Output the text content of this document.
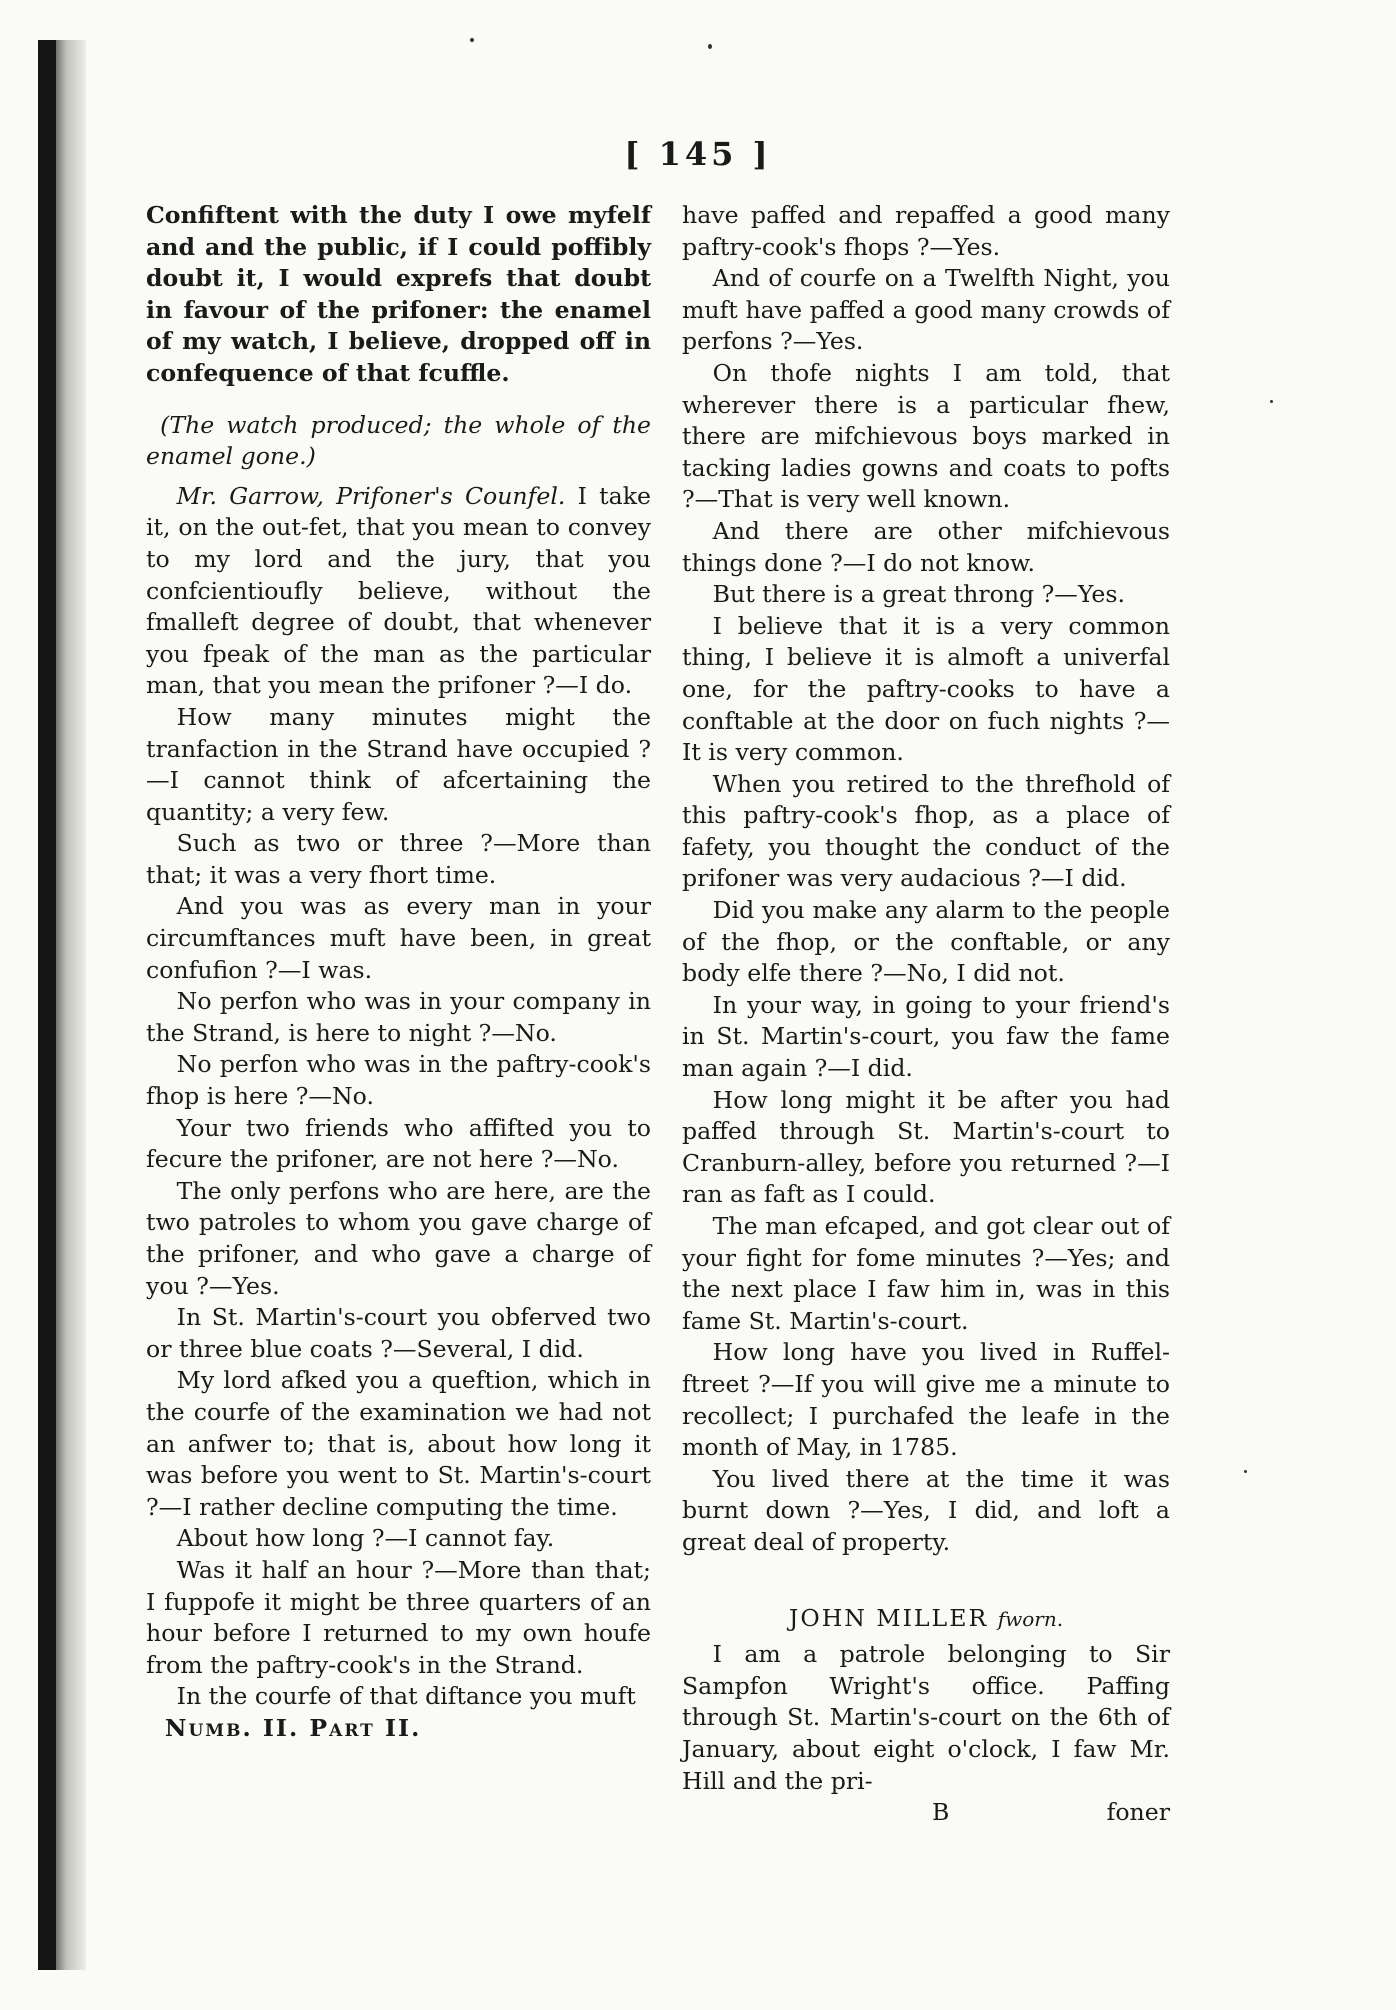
[ 145 ]

Confiftent with the duty I owe myfelf and and the public, if I could poffibly doubt it, I would exprefs that doubt in favour of the prifoner: the enamel of my watch, I believe, dropped off in confequence of that fcuffle.

(The watch produced; the whole of the enamel gone.)

Mr. Garrow, Prifoner's Counfel. I take it, on the out-fet, that you mean to convey to my lord and the jury, that you confcientioufly believe, without the fmalleft degree of doubt, that whenever you fpeak of the man as the particular man, that you mean the prifoner ?—I do.

How many minutes might the tranfaction in the Strand have occupied ?—I cannot think of afcertaining the quantity; a very few.

Such as two or three ?—More than that; it was a very fhort time.

And you was as every man in your circumftances muft have been, in great confufion ?—I was.

No perfon who was in your company in the Strand, is here to night ?—No.

No perfon who was in the paftry-cook's fhop is here ?—No.

Your two friends who affifted you to fecure the prifoner, are not here ?—No.

The only perfons who are here, are the two patroles to whom you gave charge of the prifoner, and who gave a charge of you ?—Yes.

In St. Martin's-court you obferved two or three blue coats ?—Several, I did.

My lord afked you a queftion, which in the courfe of the examination we had not an anfwer to; that is, about how long it was before you went to St. Martin's-court ?—I rather decline computing the time.

About how long ?—I cannot fay.

Was it half an hour ?—More than that; I fuppofe it might be three quarters of an hour before I returned to my own houfe from the paftry-cook's in the Strand.

In the courfe of that diftance you muft

Numb. II. Part II.

have paffed and repaffed a good many paftry-cook's fhops ?—Yes.

And of courfe on a Twelfth Night, you muft have paffed a good many crowds of perfons ?—Yes.

On thofe nights I am told, that wherever there is a particular fhew, there are mifchievous boys marked in tacking ladies gowns and coats to pofts ?—That is very well known.

And there are other mifchievous things done ?—I do not know.

But there is a great throng ?—Yes.

I believe that it is a very common thing, I believe it is almoft a univerfal one, for the paftry-cooks to have a conftable at the door on fuch nights ?—It is very common.

When you retired to the threfhold of this paftry-cook's fhop, as a place of fafety, you thought the conduct of the prifoner was very audacious ?—I did.

Did you make any alarm to the people of the fhop, or the conftable, or any body elfe there ?—No, I did not.

In your way, in going to your friend's in St. Martin's-court, you faw the fame man again ?—I did.

How long might it be after you had paffed through St. Martin's-court to Cranburn-alley, before you returned ?—I ran as faft as I could.

The man efcaped, and got clear out of your fight for fome minutes ?—Yes; and the next place I faw him in, was in this fame St. Martin's-court.

How long have you lived in Ruffel-ftreet ?—If you will give me a minute to recollect; I purchafed the leafe in the month of May, in 1785.

You lived there at the time it was burnt down ?—Yes, I did, and loft a great deal of property.

JOHN MILLER fworn.

I am a patrole belonging to Sir Sampfon Wright's office. Paffing through St. Martin's-court on the 6th of January, about eight o'clock, I faw Mr. Hill and the pri-

B	foner
